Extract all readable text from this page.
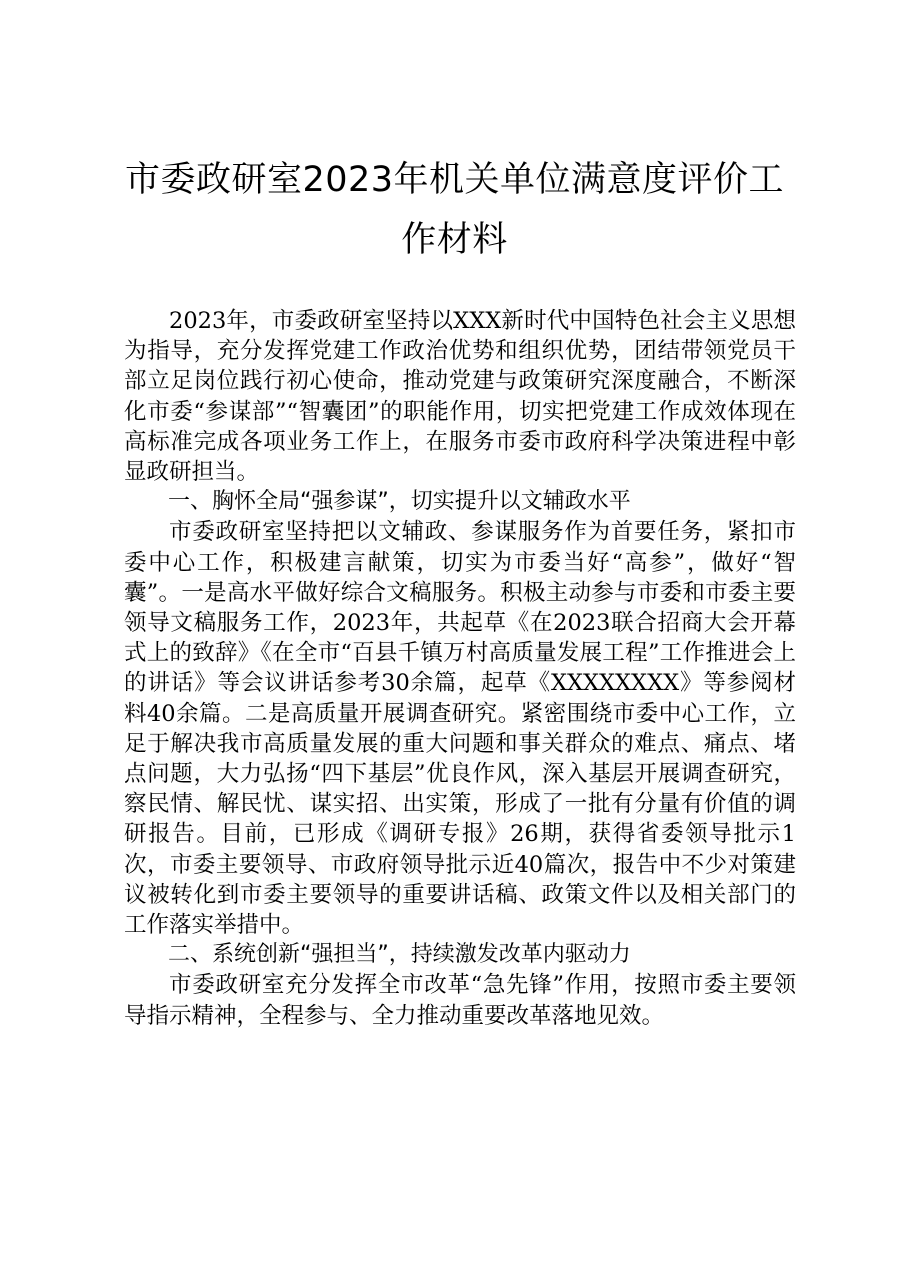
市委政研室2023年机关单位满意度评价工作材料

2023年，市委政研室坚持以XXX新时代中国特色社会主义思想为指导，充分发挥党建工作政治优势和组织优势，团结带领党员干部立足岗位践行初心使命，推动党建与政策研究深度融合，不断深化市委“参谋部”“智囊团”的职能作用，切实把党建工作成效体现在高标准完成各项业务工作上，在服务市委市政府科学决策进程中彰显政研担当。

一、胸怀全局“强参谋”，切实提升以文辅政水平

市委政研室坚持把以文辅政、参谋服务作为首要任务，紧扣市委中心工作，积极建言献策，切实为市委当好“高参”，做好“智囊”。一是高水平做好综合文稿服务。积极主动参与市委和市委主要领导文稿服务工作，2023年，共起草《在2023联合招商大会开幕式上的致辞》《在全市“百县千镇万村高质量发展工程”工作推进会上的讲话》等会议讲话参考30余篇，起草《XXXXXXXX》等参阅材料40余篇。二是高质量开展调查研究。紧密围绕市委中心工作，立足于解决我市高质量发展的重大问题和事关群众的难点、痛点、堵点问题，大力弘扬“四下基层”优良作风，深入基层开展调查研究，察民情、解民忧、谋实招、出实策，形成了一批有分量有价值的调研报告。目前，已形成《调研专报》26期，获得省委领导批示1次，市委主要领导、市政府领导批示近40篇次，报告中不少对策建议被转化到市委主要领导的重要讲话稿、政策文件以及相关部门的工作落实举措中。

二、系统创新“强担当”，持续激发改革内驱动力

市委政研室充分发挥全市改革“急先锋”作用，按照市委主要领导指示精神，全程参与、全力推动重要改革落地见效。
